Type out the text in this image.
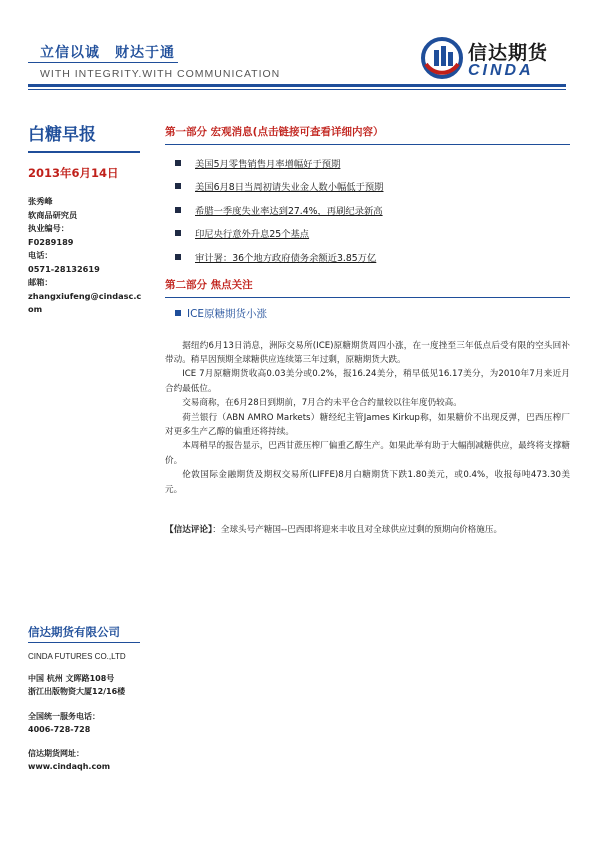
立信以诚　财达于通
WITH INTEGRITY.WITH COMMUNICATION
信达期货
CINDA
白糖早报
2013年6月14日
张秀峰
软商品研究员
执业编号：
F0289189
电话：
0571-28132619
邮箱：
zhangxiufeng@cindasc.c
om
信达期货有限公司
CINDA FUTURES CO.,LTD
中国 杭州 文晖路108号
浙江出版物资大厦12/16楼
全国统一服务电话：
4006-728-728
信达期货网址：
www.cindaqh.com
第一部分 宏观消息(点击链接可查看详细内容）
美国5月零售销售月率增幅好于预期
美国6月8日当周初请失业金人数小幅低于预期
希腊一季度失业率达到27.4%，再刷纪录新高
印尼央行意外升息25个基点
审计署：36个地方政府债务余额近3.85万亿
第二部分 焦点关注
ICE原糖期货小涨

据纽约6月13日消息，洲际交易所(ICE)原糖期货周四小涨，在一度挫至三年低点后受有限的空头回补带动。稍早因预期全球糖供应连续第三年过剩，原糖期货大跌。

ICE 7月原糖期货收高0.03美分或0.2%，报16.24美分，稍早低见16.17美分，为2010年7月来近月合约最低位。

交易商称，在6月28日到期前，7月合约未平仓合约量较以往年度仍较高。

荷兰银行（ABN AMRO Markets）糖经纪主管James Kirkup称，如果糖价不出现反弹，巴西压榨厂对更多生产乙醇的偏重还将持续。

本周稍早的报告显示，巴西甘蔗压榨厂偏重乙醇生产。如果此举有助于大幅削减糖供应，最终将支撑糖价。

伦敦国际金融期货及期权交易所(LIFFE)8月白糖期货下跌1.80美元，或0.4%，收报每吨473.30美元。

【信达评论】：全球头号产糖国--巴西即将迎来丰收且对全球供应过剩的预期向价格施压。
